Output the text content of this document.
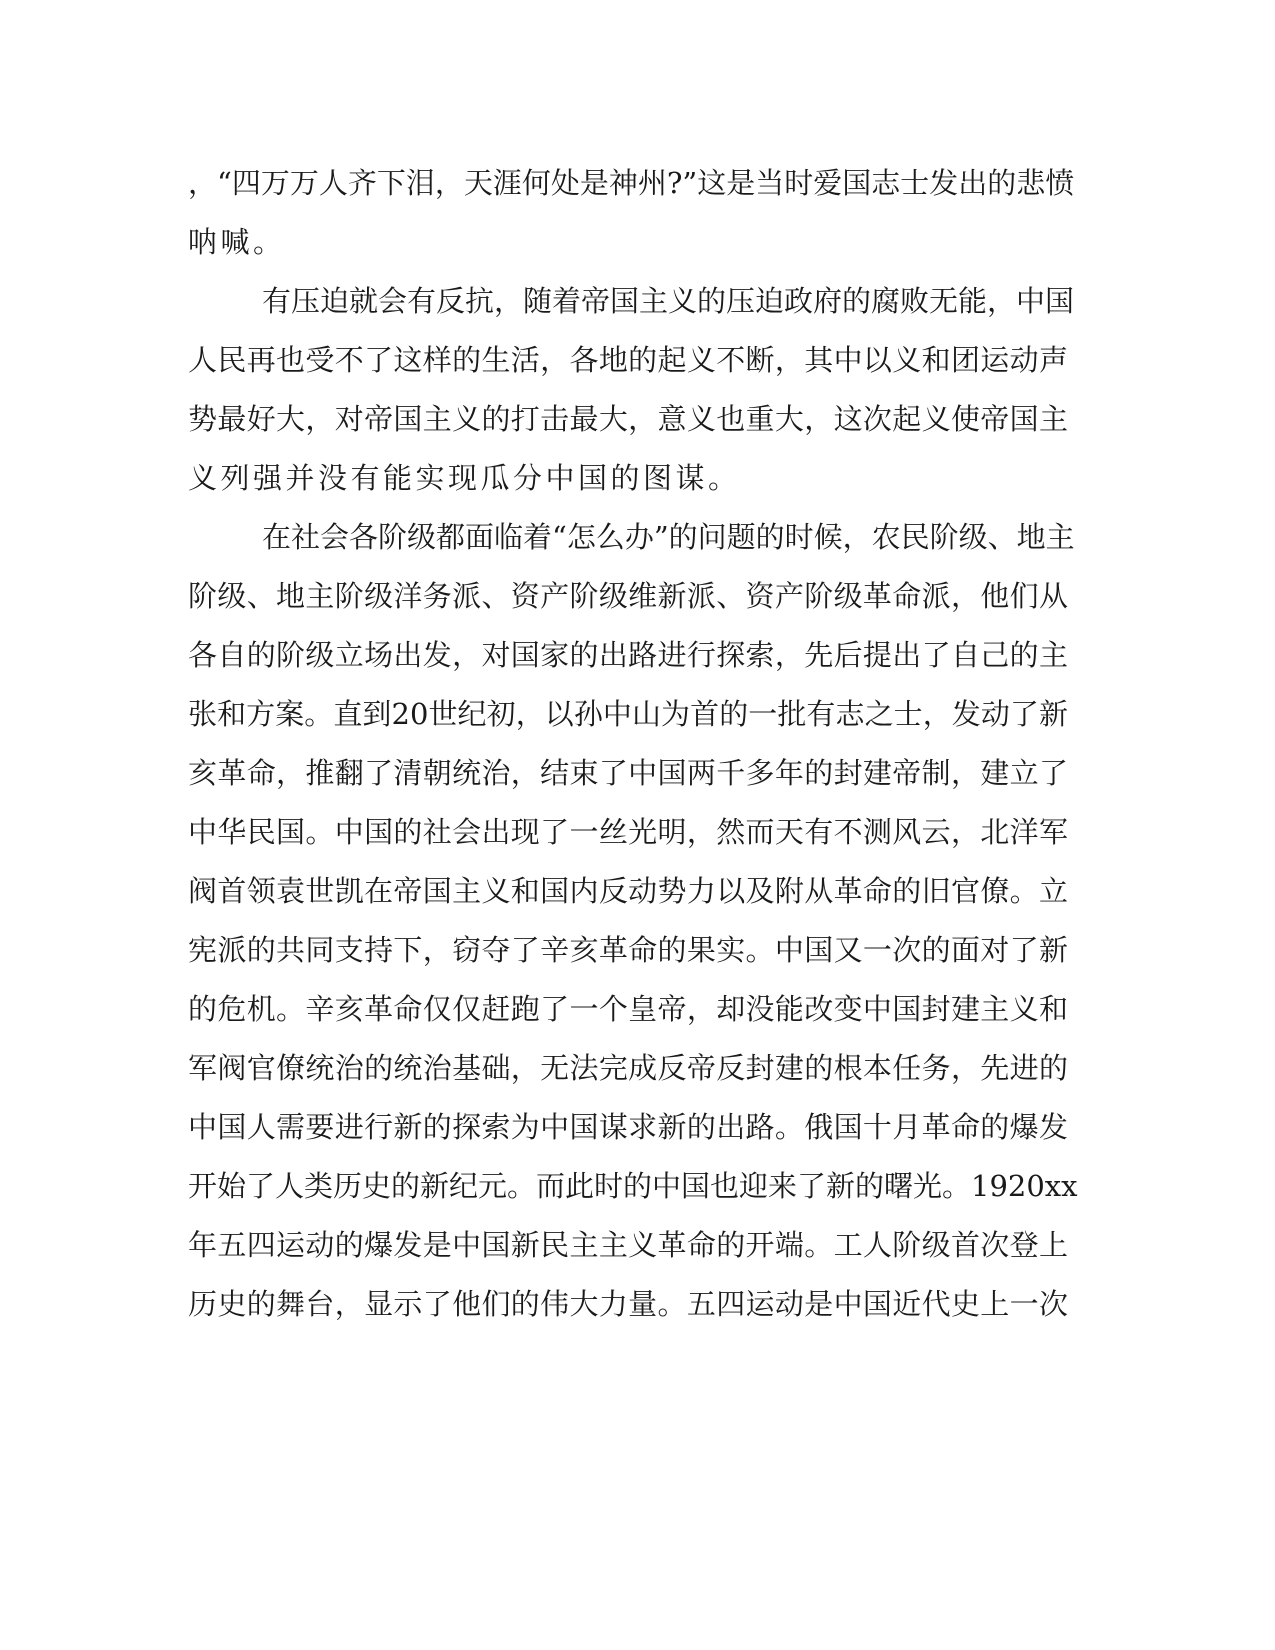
，“四万万人齐下泪，天涯何处是神州?”这是当时爱国志士发出的悲愤
呐喊。
有压迫就会有反抗，随着帝国主义的压迫政府的腐败无能，中国
人民再也受不了这样的生活，各地的起义不断，其中以义和团运动声
势最好大，对帝国主义的打击最大，意义也重大，这次起义使帝国主
义列强并没有能实现瓜分中国的图谋。
在社会各阶级都面临着“怎么办”的问题的时候，农民阶级、地主
阶级、地主阶级洋务派、资产阶级维新派、资产阶级革命派，他们从
各自的阶级立场出发，对国家的出路进行探索，先后提出了自己的主
张和方案。直到20世纪初，以孙中山为首的一批有志之士，发动了新
亥革命，推翻了清朝统治，结束了中国两千多年的封建帝制，建立了
中华民国。中国的社会出现了一丝光明，然而天有不测风云，北洋军
阀首领袁世凯在帝国主义和国内反动势力以及附从革命的旧官僚。立
宪派的共同支持下，窃夺了辛亥革命的果实。中国又一次的面对了新
的危机。辛亥革命仅仅赶跑了一个皇帝，却没能改变中国封建主义和
军阀官僚统治的统治基础，无法完成反帝反封建的根本任务，先进的
中国人需要进行新的探索为中国谋求新的出路。俄国十月革命的爆发
开始了人类历史的新纪元。而此时的中国也迎来了新的曙光。1920xx
年五四运动的爆发是中国新民主主义革命的开端。工人阶级首次登上
历史的舞台，显示了他们的伟大力量。五四运动是中国近代史上一次
